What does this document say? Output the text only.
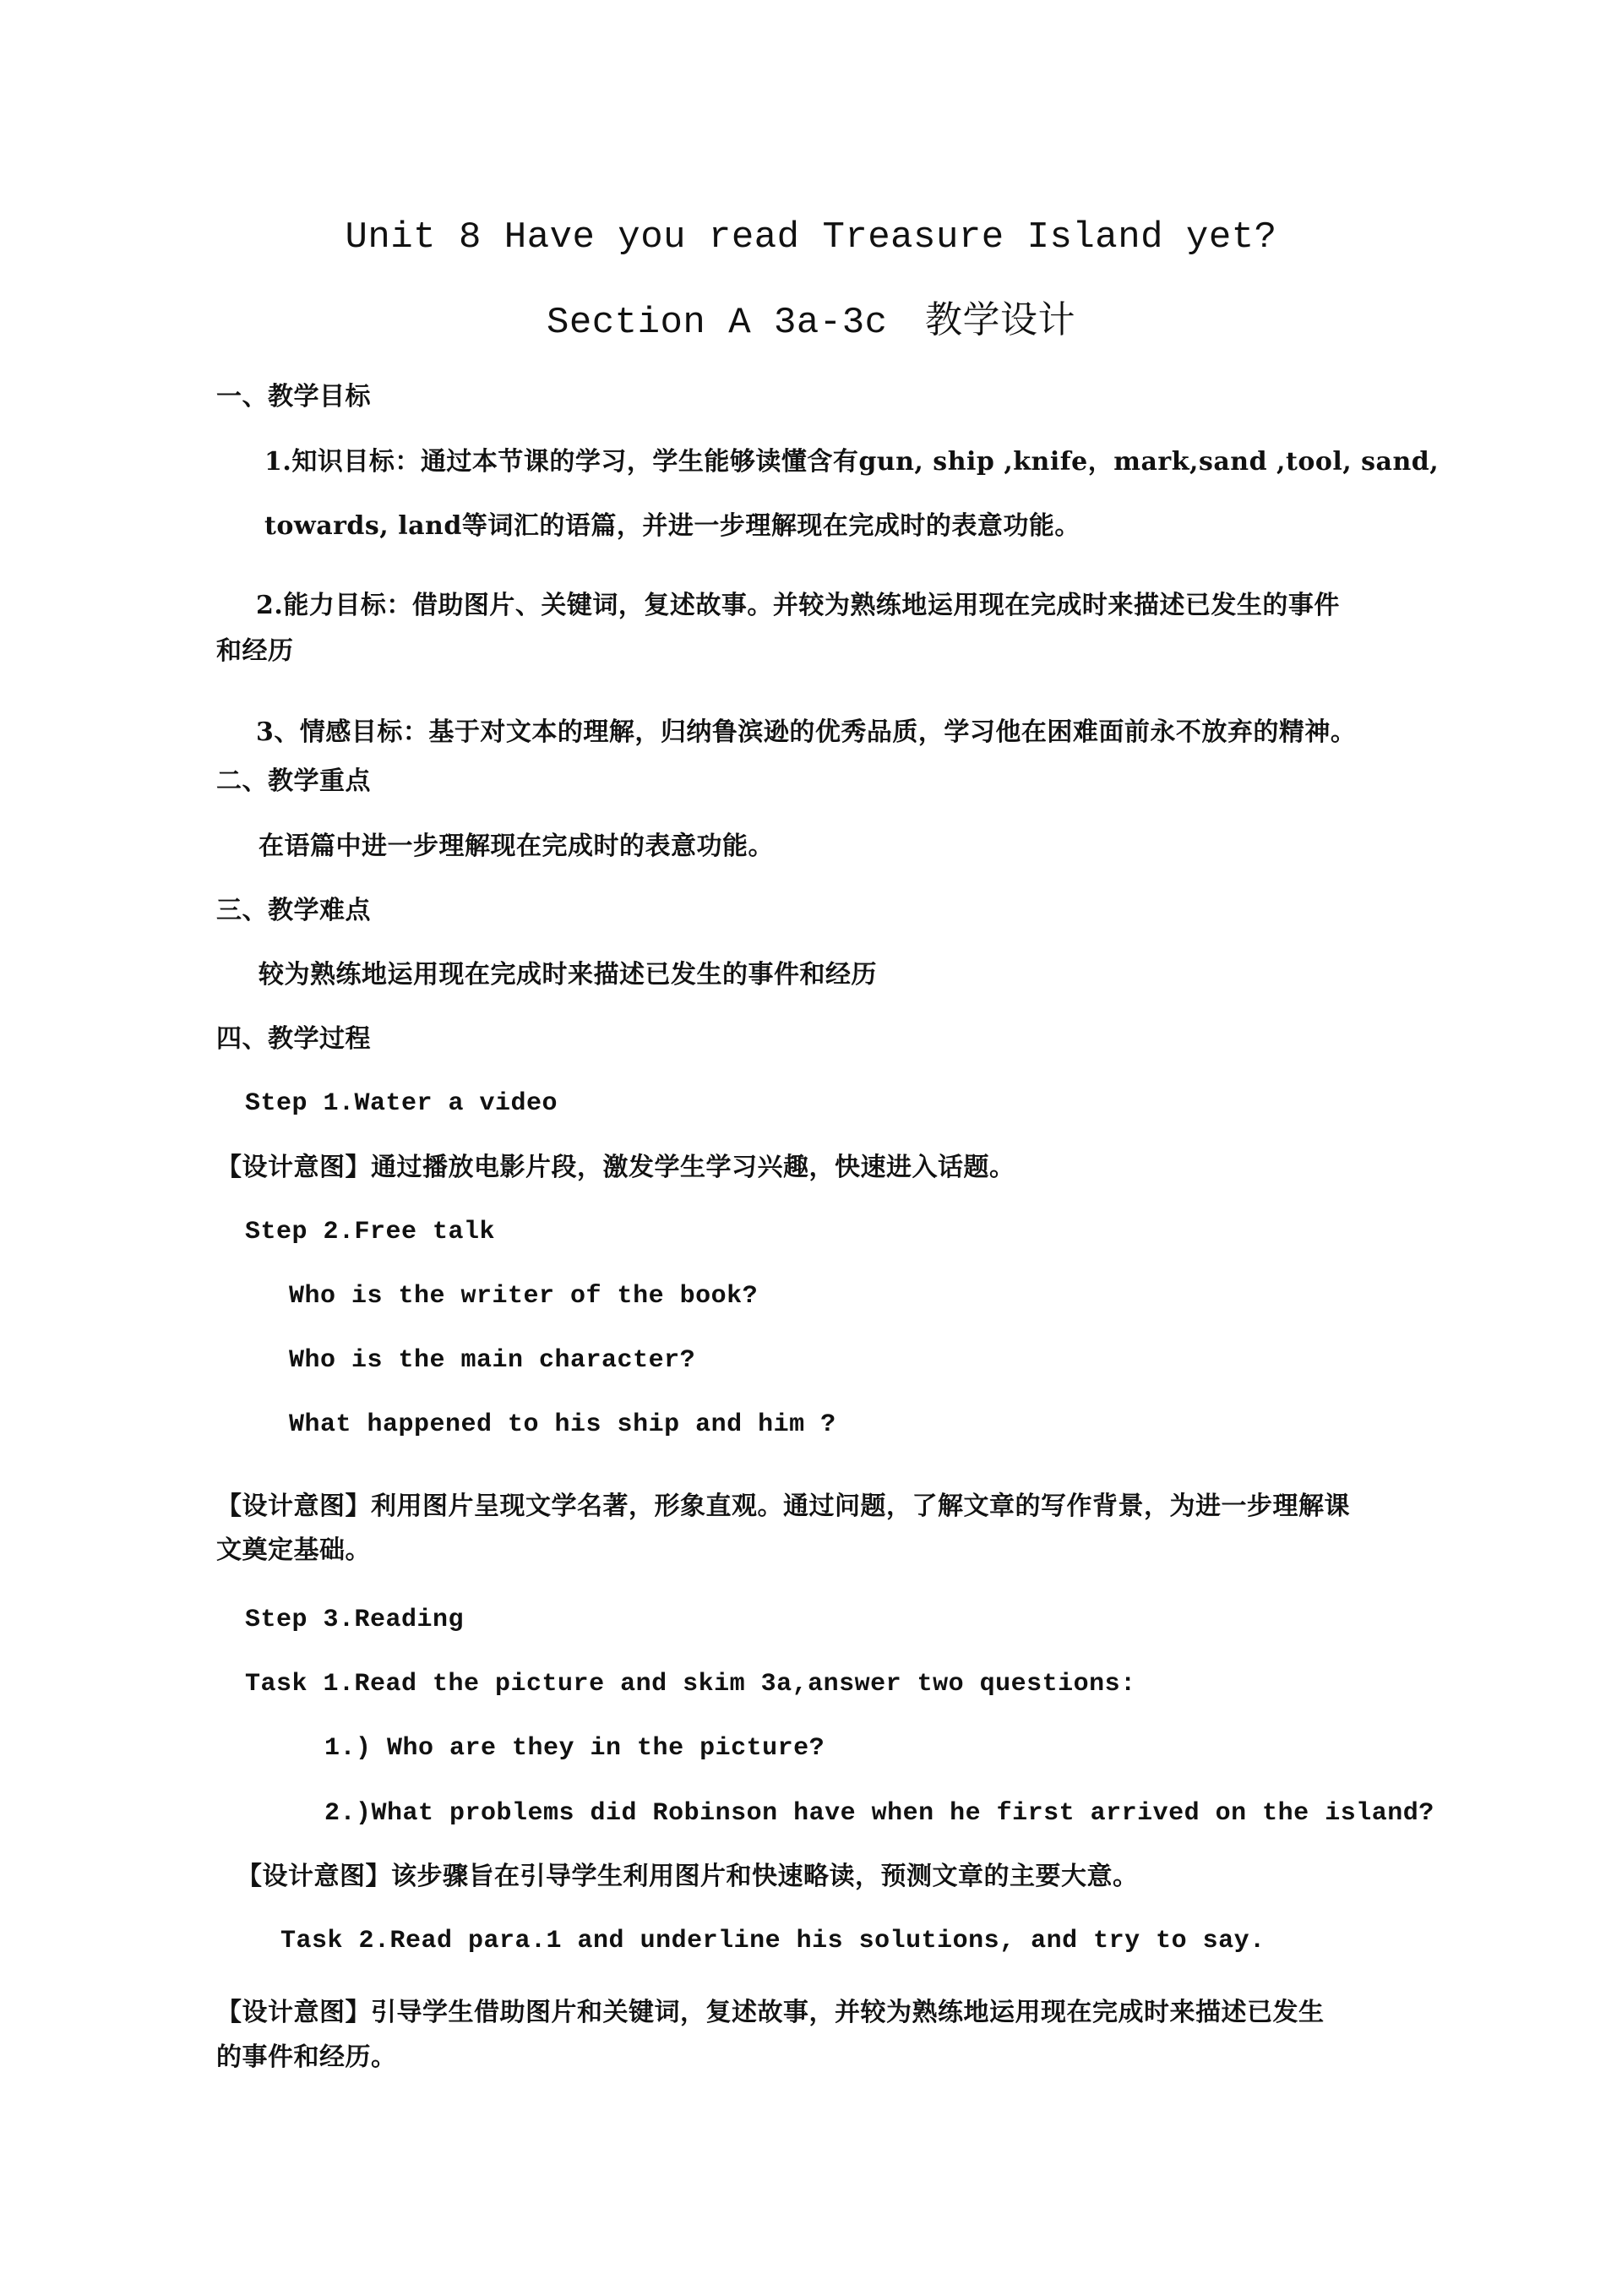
Unit 8 Have you read Treasure Island yet?
Section A 3a-3c　教学设计
一、教学目标
1.知识目标：通过本节课的学习，学生能够读懂含有gun, ship ,knife，mark,sand ,tool, sand,
towards, land等词汇的语篇，并进一步理解现在完成时的表意功能。
2.能力目标：借助图片、关键词，复述故事。并较为熟练地运用现在完成时来描述已发生的事件
和经历
3、情感目标：基于对文本的理解，归纳鲁滨逊的优秀品质，学习他在困难面前永不放弃的精神。
二、教学重点
在语篇中进一步理解现在完成时的表意功能。
三、教学难点
较为熟练地运用现在完成时来描述已发生的事件和经历
四、教学过程
Step 1.Water a video
【设计意图】通过播放电影片段，激发学生学习兴趣，快速进入话题。
Step 2.Free talk
Who is the writer of the book?
Who is the main character?
What happened to his ship and him ?
【设计意图】利用图片呈现文学名著，形象直观。通过问题，了解文章的写作背景，为进一步理解课
文奠定基础。
Step 3.Reading
Task 1.Read the picture and skim 3a,answer two questions:
1.) Who are they in the picture?
2.)What problems did Robinson have when he first arrived on the island?
【设计意图】该步骤旨在引导学生利用图片和快速略读，预测文章的主要大意。
Task 2.Read para.1 and underline his solutions, and try to say.
【设计意图】引导学生借助图片和关键词，复述故事，并较为熟练地运用现在完成时来描述已发生
的事件和经历。
